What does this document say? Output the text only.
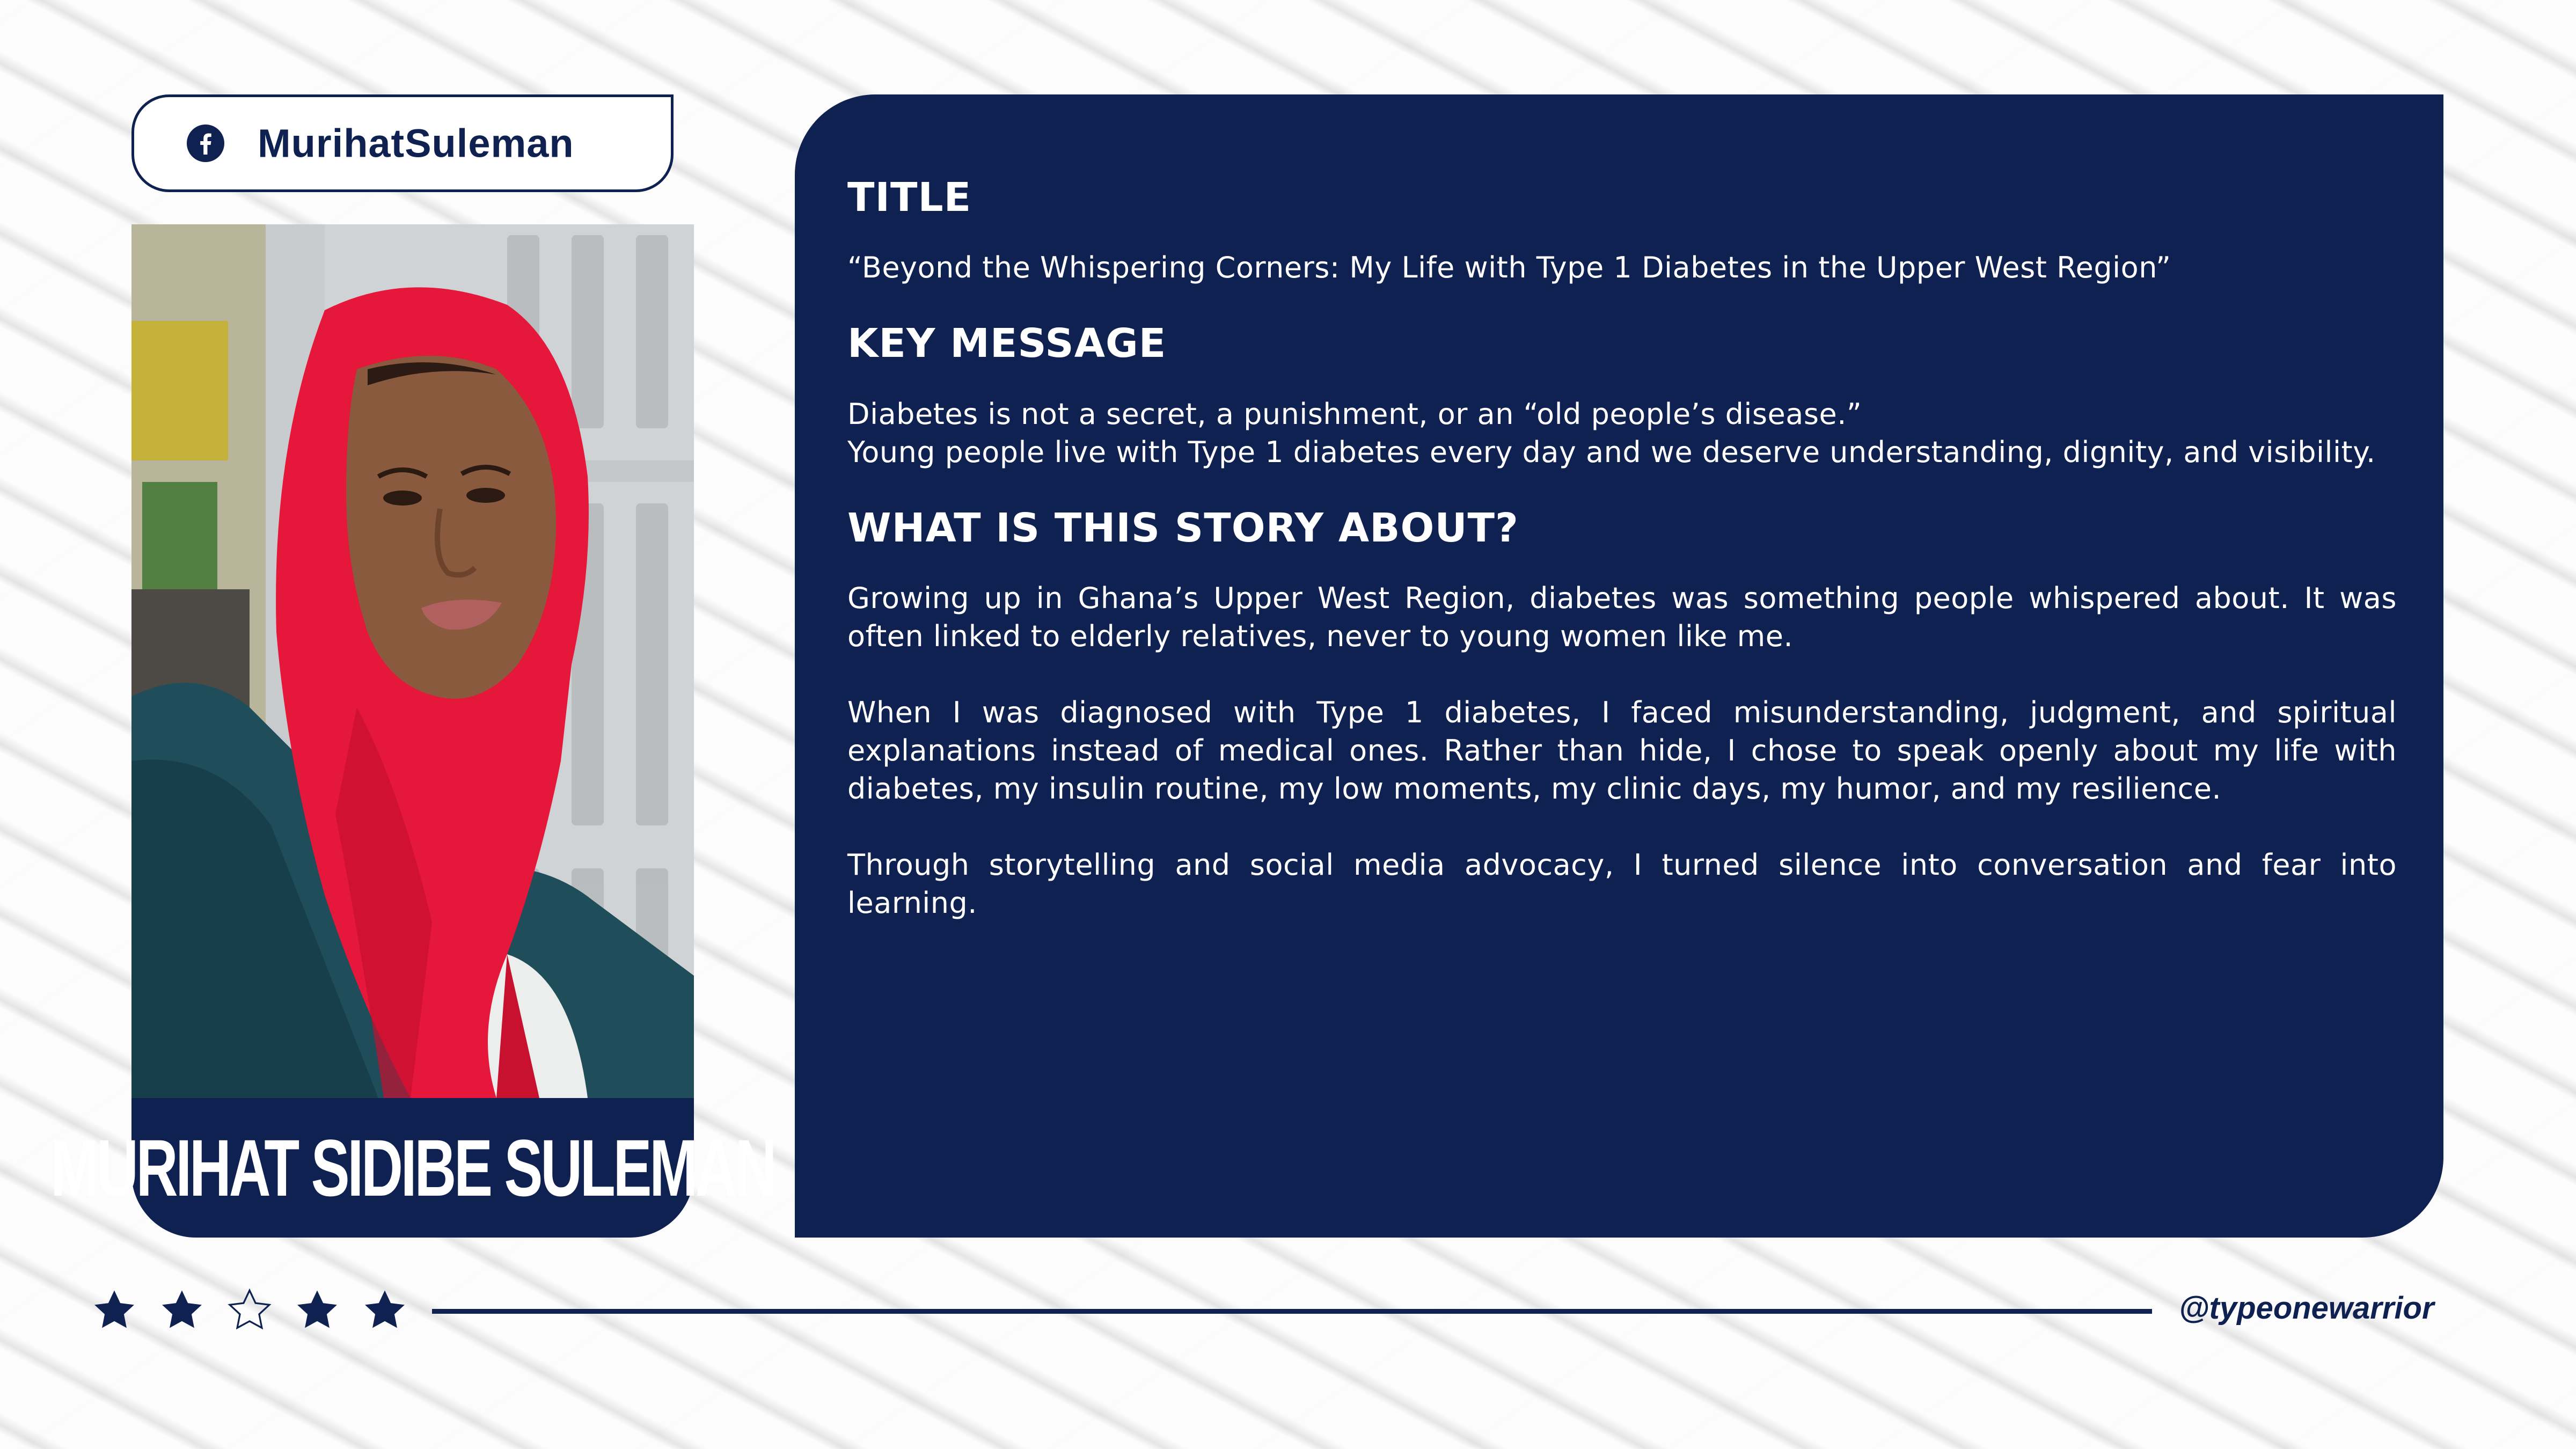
MurihatSuleman
MURIHAT SIDIBE SULEMAN
TITLE

“Beyond the Whispering Corners: My Life with Type 1 Diabetes in the Upper West Region”

KEY MESSAGE

Diabetes is not a secret, a punishment, or an “old people’s disease.”

Young people live with Type 1 diabetes every day and we deserve understanding, dignity, and visibility.

WHAT IS THIS STORY ABOUT?

Growing up in Ghana’s Upper West Region, diabetes was something people whispered about. It was often linked to elderly relatives, never to young women like me.

When I was diagnosed with Type 1 diabetes, I faced misunderstanding, judgment, and spiritual explanations instead of medical ones. Rather than hide, I chose to speak openly about my life with diabetes, my insulin routine, my low moments, my clinic days, my humor, and my resilience.

Through storytelling and social media advocacy, I turned silence into conversation and fear into learning.

@typeonewarrior
